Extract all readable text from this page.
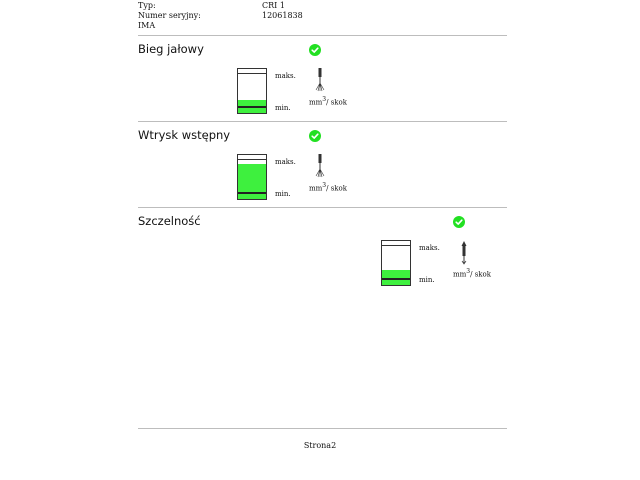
Typ:	CRI 1
Numer seryjny:	12061838
IMA
Bieg jałowy
maks.
min.
$mm^3/$ skok
Wtrysk wstępny
maks.
min.
$mm^3/$ skok
Szczelność
maks.
min.
$mm^3/$ skok
Strona2
